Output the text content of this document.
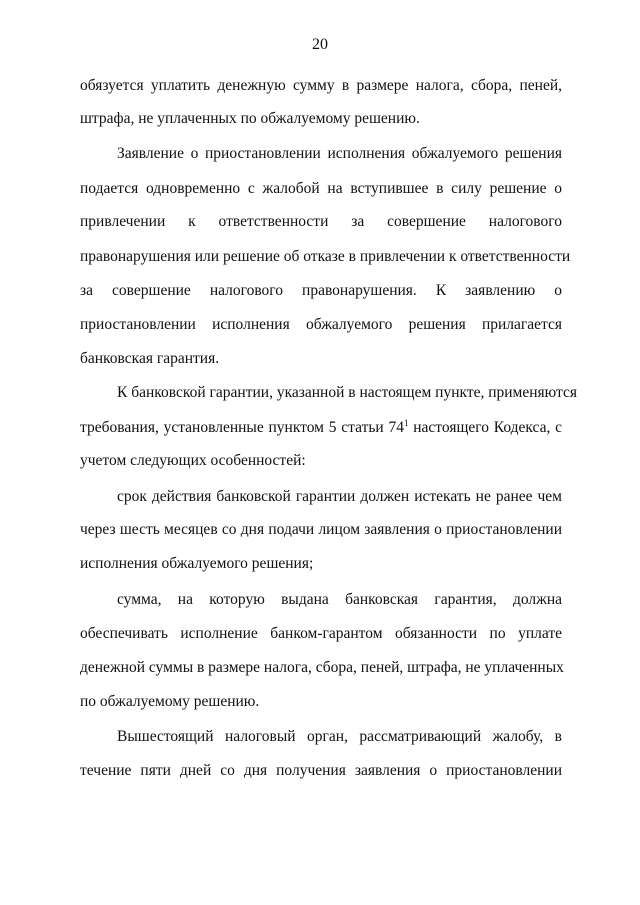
20
обязуется уплатить денежную сумму в размере налога, сбора, пеней,
штрафа, не уплаченных по обжалуемому решению.
Заявление о приостановлении исполнения обжалуемого решения
подается одновременно с жалобой на вступившее в силу решение о
привлечении к ответственности за совершение налогового
правонарушения или решение об отказе в привлечении к ответственности
за совершение налогового правонарушения. К заявлению о
приостановлении исполнения обжалуемого решения прилагается
банковская гарантия.
К банковской гарантии, указанной в настоящем пункте, применяются
требования, установленные пунктом 5 статьи $74^1$ настоящего Кодекса, с
учетом следующих особенностей:
срок действия банковской гарантии должен истекать не ранее чем
через шесть месяцев со дня подачи лицом заявления о приостановлении
исполнения обжалуемого решения;
сумма, на которую выдана банковская гарантия, должна
обеспечивать исполнение банком-гарантом обязанности по уплате
денежной суммы в размере налога, сбора, пеней, штрафа, не уплаченных
по обжалуемому решению.
Вышестоящий налоговый орган, рассматривающий жалобу, в
течение пяти дней со дня получения заявления о приостановлении
